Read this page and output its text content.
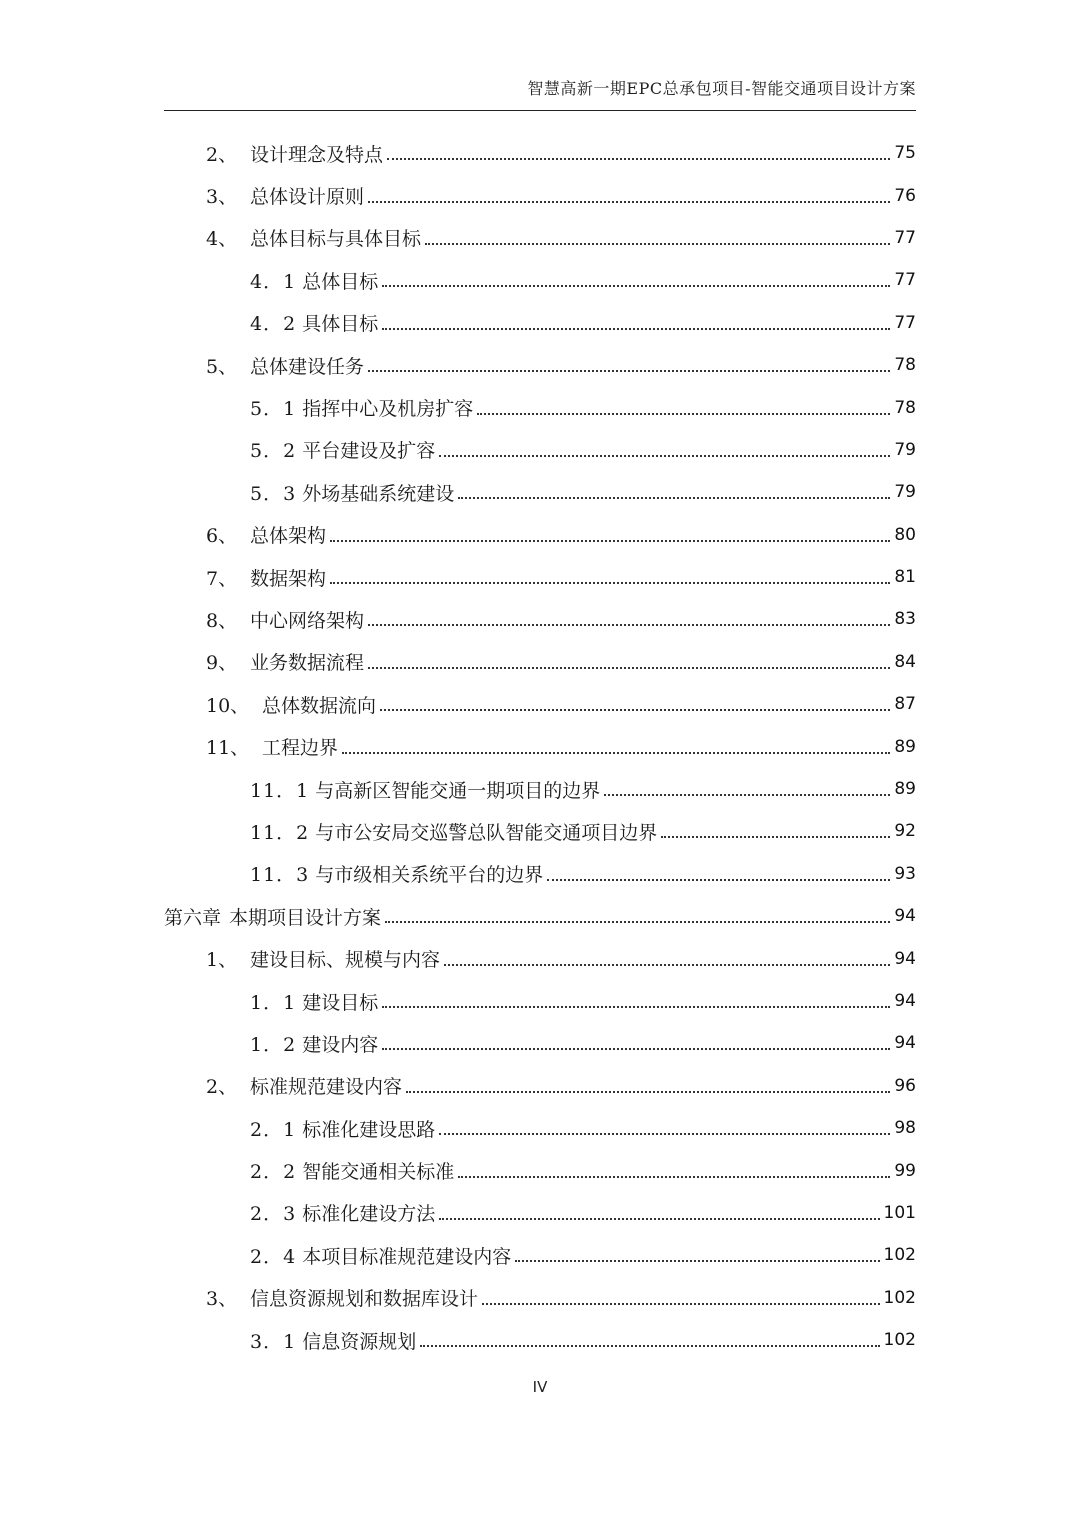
智慧高新一期EPC总承包项目-智能交通项目设计方案
2、 设计理念及特点	75
3、 总体设计原则	76
4、 总体目标与具体目标	77
4．1 总体目标	77
4．2 具体目标	77
5、 总体建设任务	78
5．1 指挥中心及机房扩容	78
5．2 平台建设及扩容	79
5．3 外场基础系统建设	79
6、 总体架构	80
7、 数据架构	81
8、 中心网络架构	83
9、 业务数据流程	84
10、 总体数据流向	87
11、 工程边界	89
11．1 与高新区智能交通一期项目的边界	89
11．2 与市公安局交巡警总队智能交通项目边界	92
11．3 与市级相关系统平台的边界	93
第六章 本期项目设计方案	94
1、 建设目标、规模与内容	94
1．1 建设目标	94
1．2 建设内容	94
2、 标准规范建设内容	96
2．1 标准化建设思路	98
2．2 智能交通相关标准	99
2．3 标准化建设方法	101
2．4 本项目标准规范建设内容	102
3、 信息资源规划和数据库设计	102
3．1 信息资源规划	102
IV
